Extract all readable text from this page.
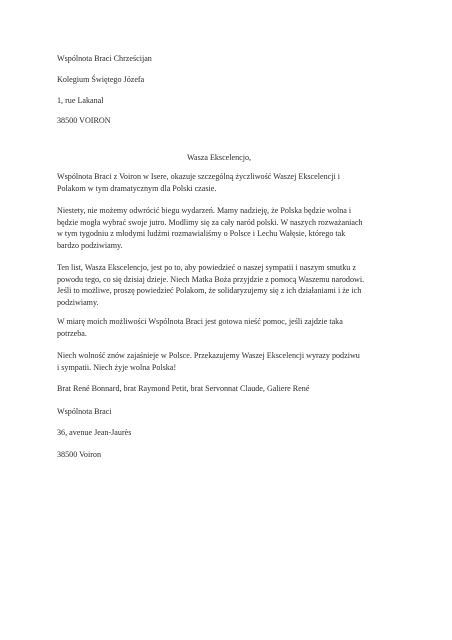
Wspólnota Braci Chrześcijan
Kolegium Świętego Józefa
1, rue Lakanal
38500 VOIRON
Wasza Ekscelencjo,
Wspólnota Braci z Voiron w Isere, okazuje szczególną życzliwość Waszej Ekscelencji i
Polakom w tym dramatycznym dla Polski czasie.
Niestety, nie możemy odwrócić biegu wydarzeń. Mamy nadzieję, że Polska będzie wolna i
będzie mogła wybrać swoje jutro. Modlimy się za cały naród polski. W naszych rozważaniach
w tym tygodniu z młodymi ludźmi rozmawialiśmy o Polsce i Lechu Wałęsie, którego tak
bardzo podziwiamy.
Ten list, Wasza Ekscelencjo, jest po to, aby powiedzieć o naszej sympatii i naszym smutku z
powodu tego, co się dzisiaj dzieje. Niech Matka Boża przyjdzie z pomocą Waszemu narodowi.
Jeśli to możliwe, proszę powiedzieć Polakom, że solidaryzujemy się z ich działaniami i że ich
podziwiamy.
W miarę moich możliwości Wspólnota Braci jest gotowa nieść pomoc, jeśli zajdzie taka
potrzeba.
Niech wolność znów zajaśnieje w Polsce. Przekazujemy Waszej Ekscelencji wyrazy podziwu
i sympatii. Niech żyje wolna Polska!
Brat René Bonnard, brat Raymond Petit, brat Servonnat Claude, Galiere René
Wspólnota Braci
36, avenue Jean-Jaurès
38500 Voiron
